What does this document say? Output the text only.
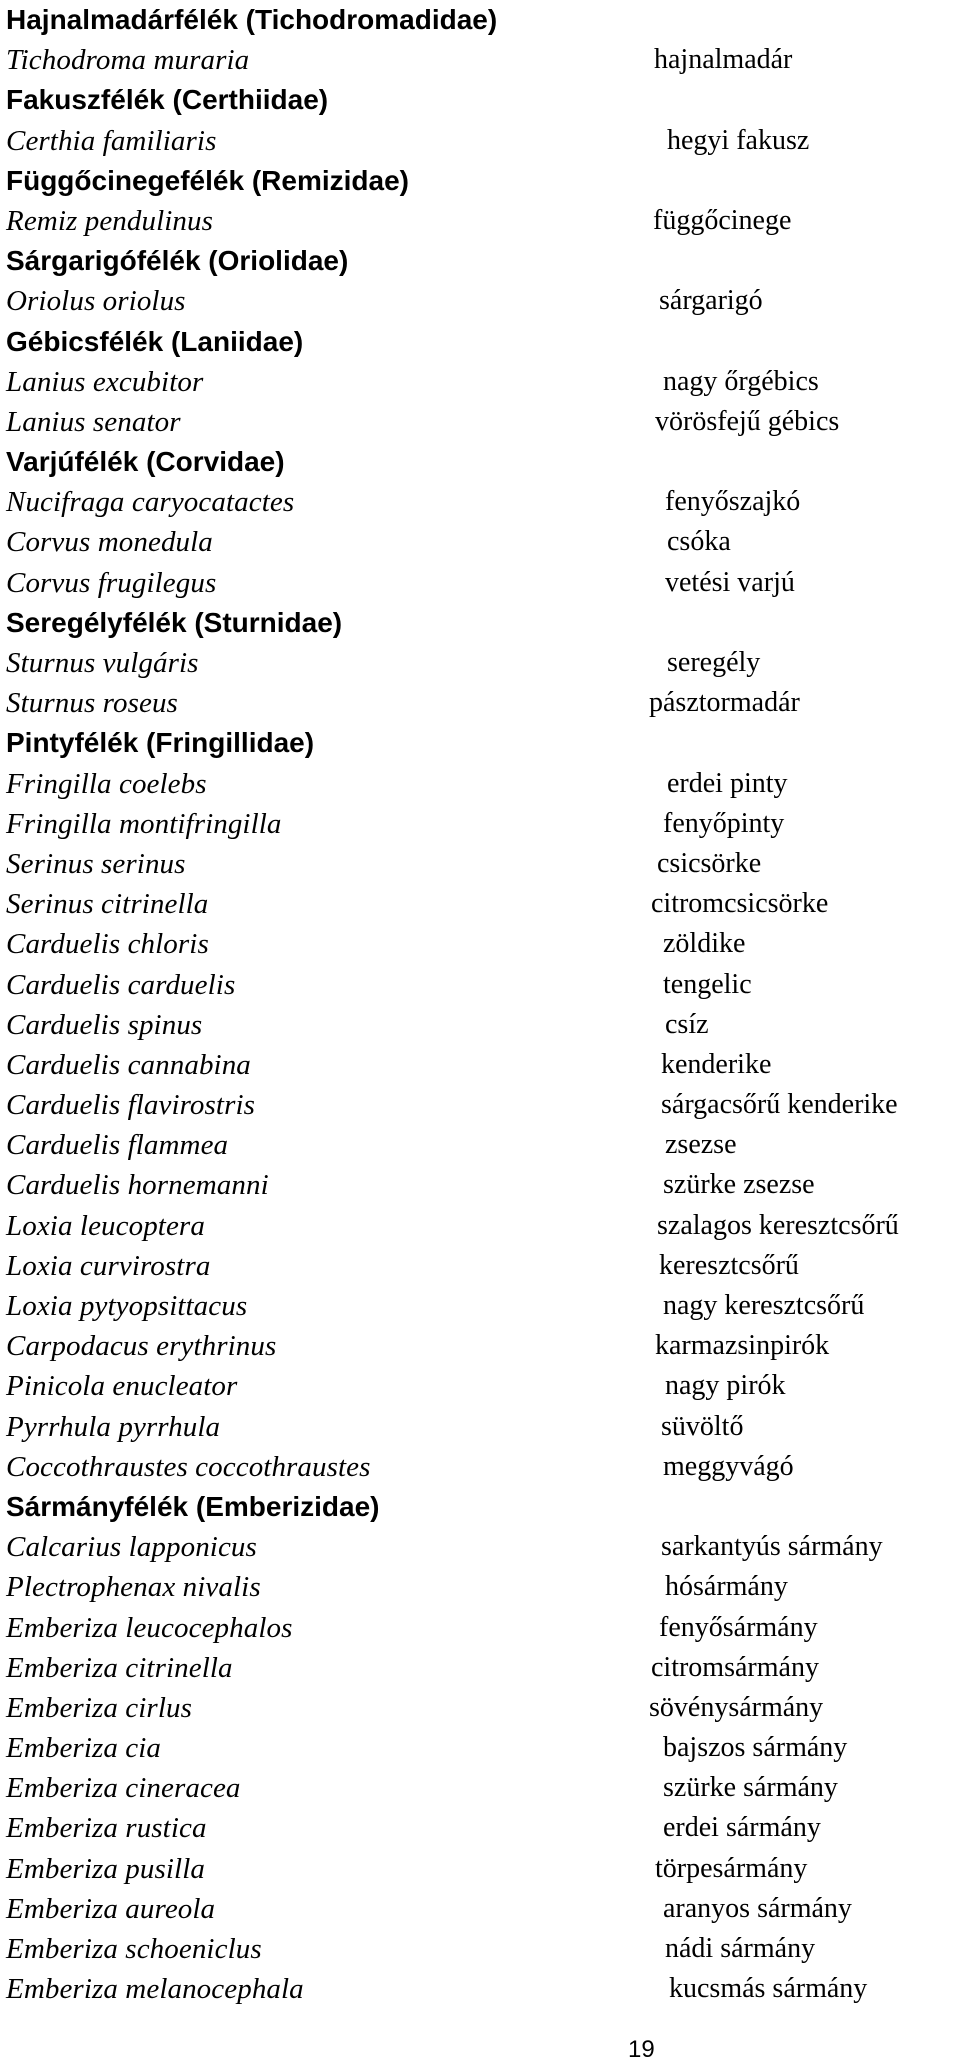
Hajnalmadárfélék (Tichodromadidae)
Tichodroma muraria	hajnalmadár
Fakuszfélék (Certhiidae)
Certhia familiaris	hegyi fakusz
Függőcinegefélék (Remizidae)
Remiz pendulinus	függőcinege
Sárgarigófélék (Oriolidae)
Oriolus oriolus	sárgarigó
Gébicsfélék (Laniidae)
Lanius excubitor	nagy őrgébics
Lanius senator	vörösfejű gébics
Varjúfélék (Corvidae)
Nucifraga caryocatactes	fenyőszajkó
Corvus monedula	csóka
Corvus frugilegus	vetési varjú
Seregélyfélék (Sturnidae)
Sturnus vulgáris	seregély
Sturnus roseus	pásztormadár
Pintyfélék (Fringillidae)
Fringilla coelebs	erdei pinty
Fringilla montifringilla	fenyőpinty
Serinus serinus	csicsörke
Serinus citrinella	citromcsicsörke
Carduelis chloris	zöldike
Carduelis carduelis	tengelic
Carduelis spinus	csíz
Carduelis cannabina	kenderike
Carduelis flavirostris	sárgacsőrű kenderike
Carduelis flammea	zsezse
Carduelis hornemanni	szürke zsezse
Loxia leucoptera	szalagos keresztcsőrű
Loxia curvirostra	keresztcsőrű
Loxia pytyopsittacus	nagy keresztcsőrű
Carpodacus erythrinus	karmazsinpirók
Pinicola enucleator	nagy pirók
Pyrrhula pyrrhula	süvöltő
Coccothraustes coccothraustes	meggyvágó
Sármányfélék (Emberizidae)
Calcarius lapponicus	sarkantyús sármány
Plectrophenax nivalis	hósármány
Emberiza leucocephalos	fenyősármány
Emberiza citrinella	citromsármány
Emberiza cirlus	sövénysármány
Emberiza cia	bajszos sármány
Emberiza cineracea	szürke sármány
Emberiza rustica	erdei sármány
Emberiza pusilla	törpesármány
Emberiza aureola	aranyos sármány
Emberiza schoeniclus	nádi sármány
Emberiza melanocephala	kucsmás sármány
19
